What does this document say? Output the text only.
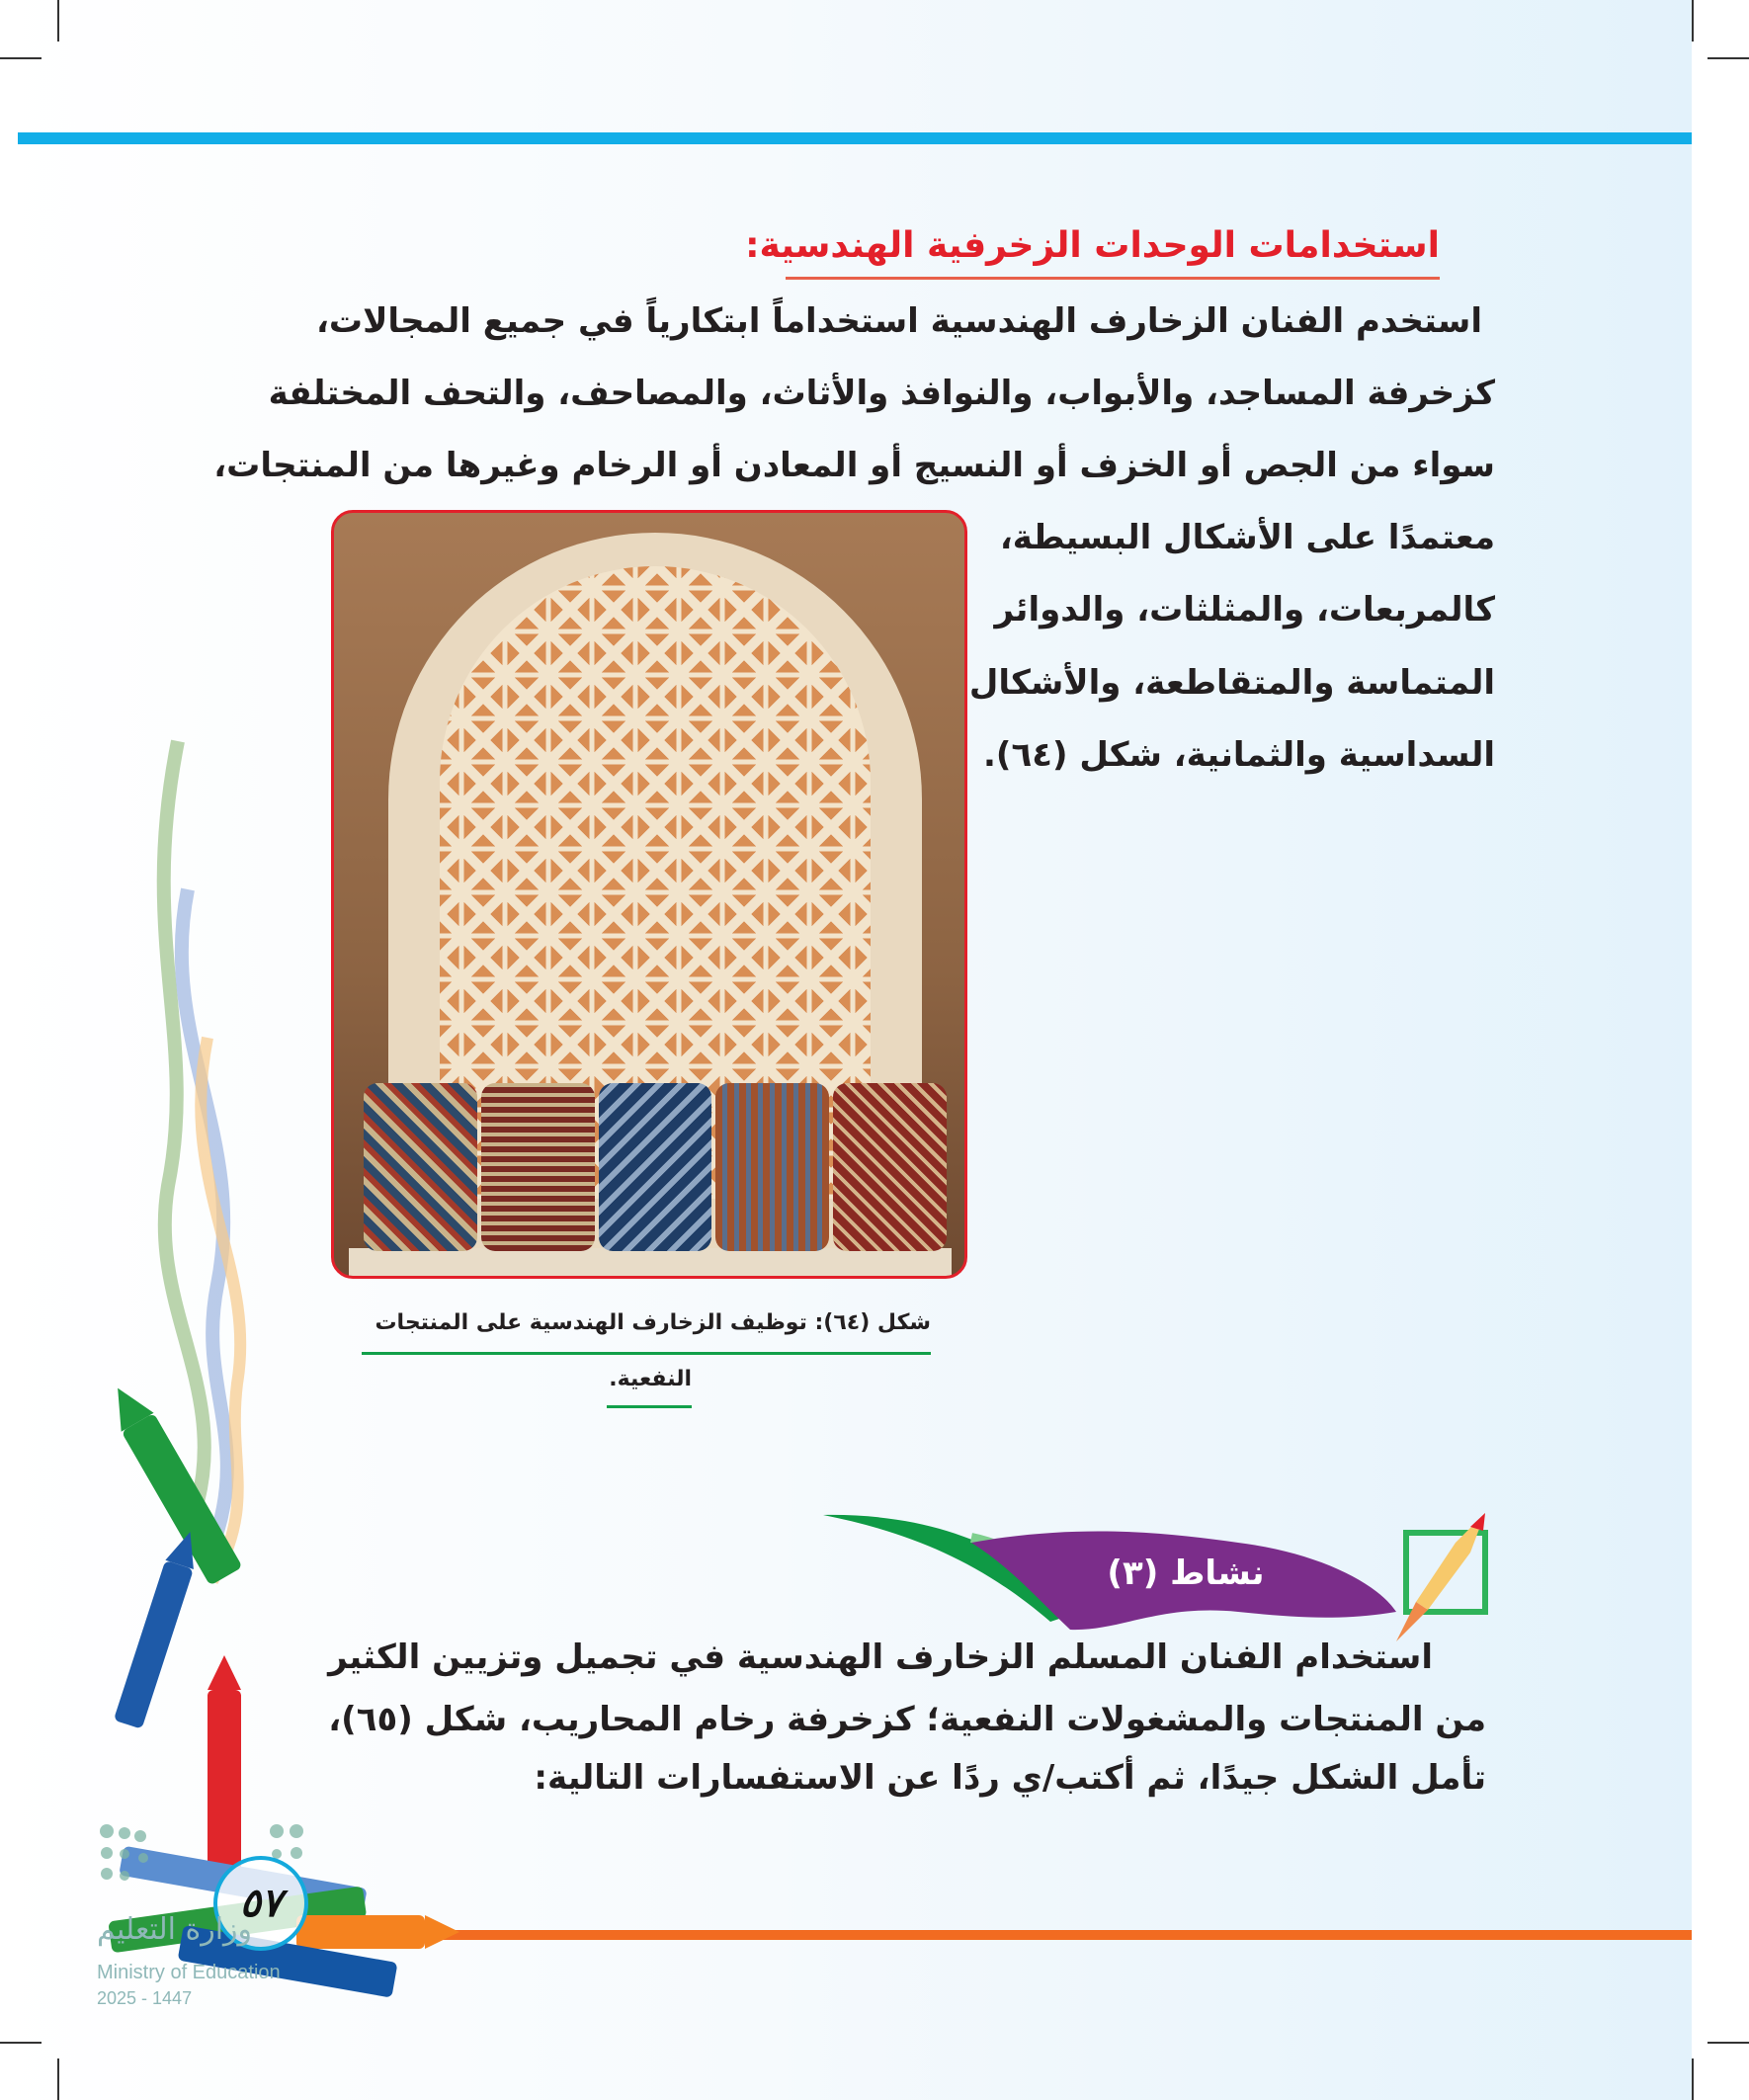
استخدامات الوحدات الزخرفية الهندسية:
استخدم الفنان الزخارف الهندسية استخداماً ابتكارياً في جميع المجالات،
كزخرفة المساجد، والأبواب، والنوافذ والأثاث، والمصاحف، والتحف المختلفة
سواء من الجص أو الخزف أو النسيج أو المعادن أو الرخام وغيرها من المنتجات،
معتمدًا على الأشكال البسيطة،
كالمربعات، والمثلثات، والدوائر
المتماسة والمتقاطعة، والأشكال
السداسية والثمانية، شكل (٦٤).
شكل (٦٤): توظيف الزخارف الهندسية على المنتجات
النفعية.
نشاط (٣)
استخدام الفنان المسلم الزخارف الهندسية في تجميل وتزيين الكثير
من المنتجات والمشغولات النفعية؛ كزخرفة رخام المحاريب، شكل (٦٥)،
تأمل الشكل جيدًا، ثم أكتب/ي ردًا عن الاستفسارات التالية:
٥٧
وزارة التعليم
Ministry of Education
2025 - 1447
